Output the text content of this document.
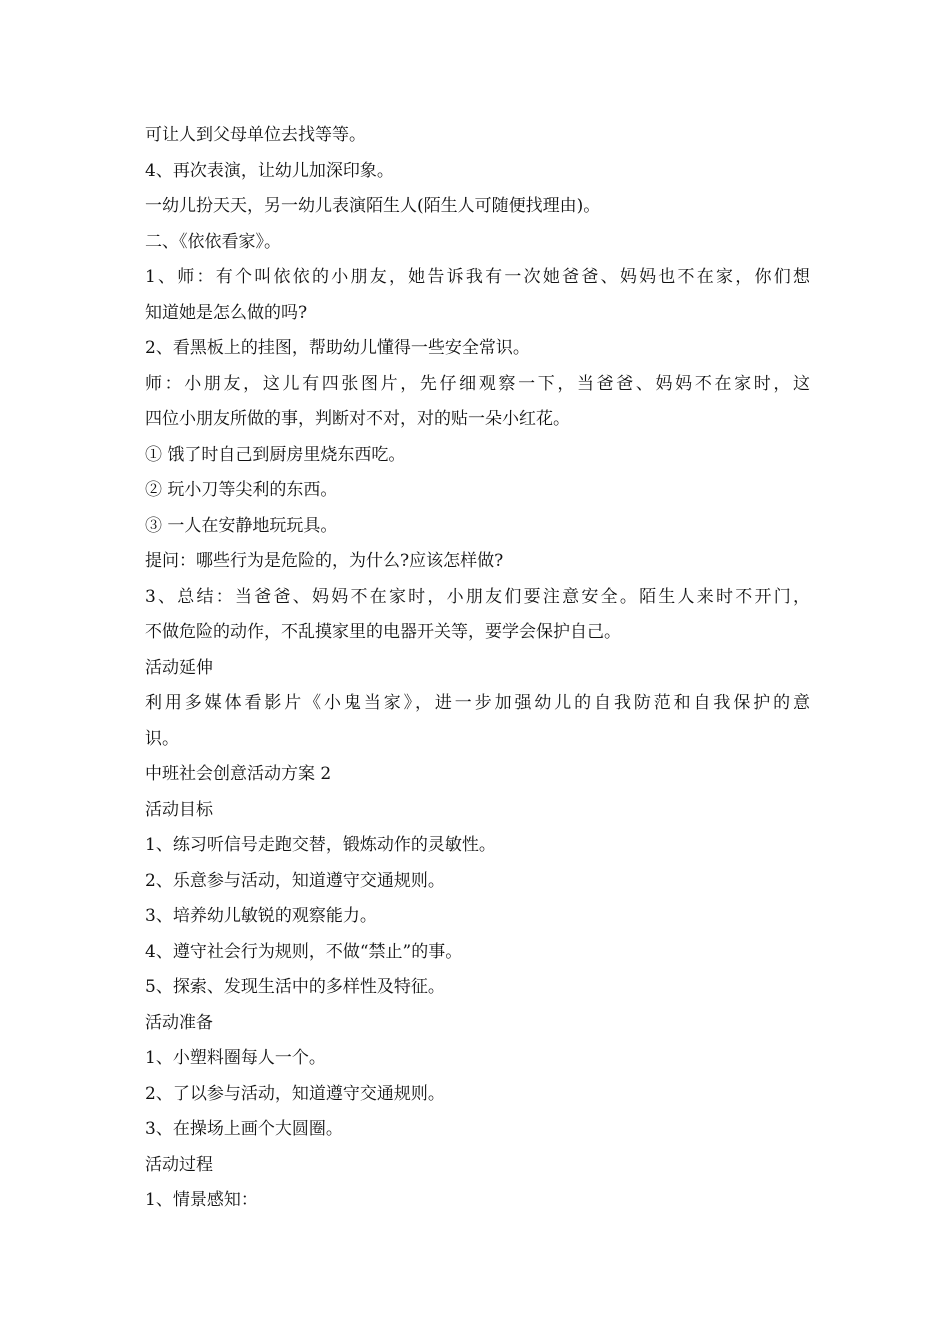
可让人到父母单位去找等等。
4、再次表演，让幼儿加深印象。
一幼儿扮天天，另一幼儿表演陌生人(陌生人可随便找理由)。
二、《依依看家》。
1、师：有个叫依依的小朋友，她告诉我有一次她爸爸、妈妈也不在家，你们想
知道她是怎么做的吗?
2、看黑板上的挂图，帮助幼儿懂得一些安全常识。
师：小朋友，这儿有四张图片，先仔细观察一下，当爸爸、妈妈不在家时，这
四位小朋友所做的事，判断对不对，对的贴一朵小红花。
① 饿了时自己到厨房里烧东西吃。
② 玩小刀等尖利的东西。
③ 一人在安静地玩玩具。
提问：哪些行为是危险的，为什么?应该怎样做?
3、总结：当爸爸、妈妈不在家时，小朋友们要注意安全。陌生人来时不开门，
不做危险的动作，不乱摸家里的电器开关等，要学会保护自己。
活动延伸
利用多媒体看影片《小鬼当家》，进一步加强幼儿的自我防范和自我保护的意
识。
中班社会创意活动方案 2
活动目标
1、练习听信号走跑交替，锻炼动作的灵敏性。
2、乐意参与活动，知道遵守交通规则。
3、培养幼儿敏锐的观察能力。
4、遵守社会行为规则，不做“禁止”的事。
5、探索、发现生活中的多样性及特征。
活动准备
1、小塑料圈每人一个。
2、了以参与活动，知道遵守交通规则。
3、在操场上画个大圆圈。
活动过程
1、情景感知：
